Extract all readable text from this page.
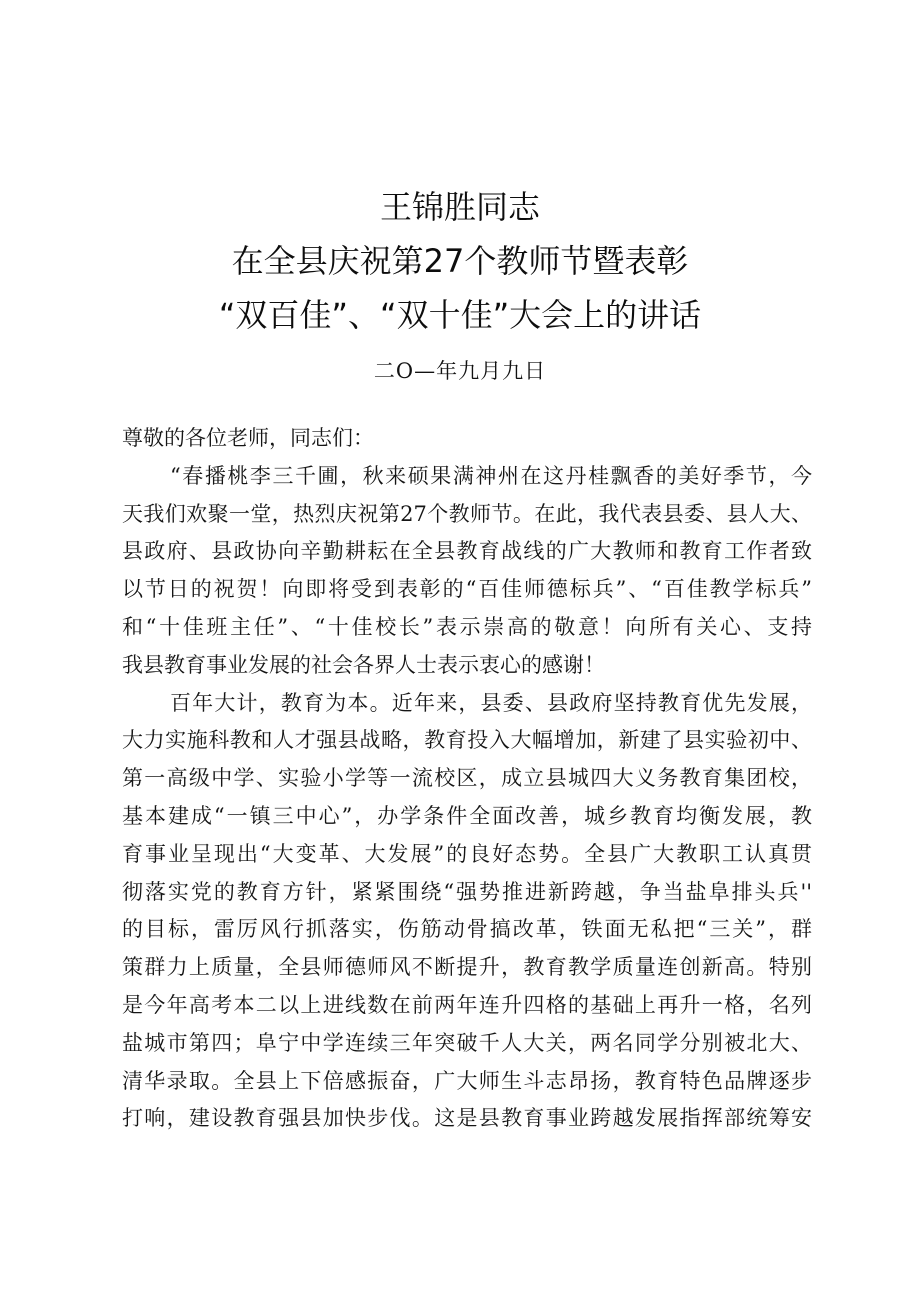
王锦胜同志
在全县庆祝第27个教师节暨表彰
“双百佳”、“双十佳”大会上的讲话
二O—年九月九日
尊敬的各位老师，同志们：
“春播桃李三千圃，秋来硕果满神州在这丹桂飘香的美好季节，今
天我们欢聚一堂，热烈庆祝第27个教师节。在此，我代表县委、县人大、
县政府、县政协向辛勤耕耘在全县教育战线的广大教师和教育工作者致
以节日的祝贺！向即将受到表彰的“百佳师德标兵”、“百佳教学标兵”
和“十佳班主任”、“十佳校长”表示崇高的敬意！向所有关心、支持
我县教育事业发展的社会各界人士表示衷心的感谢！
百年大计，教育为本。近年来，县委、县政府坚持教育优先发展，
大力实施科教和人才强县战略，教育投入大幅增加，新建了县实验初中、
第一高级中学、实验小学等一流校区，成立县城四大义务教育集团校，
基本建成“一镇三中心”，办学条件全面改善，城乡教育均衡发展，教
育事业呈现出“大变革、大发展”的良好态势。全县广大教职工认真贯
彻落实党的教育方针，紧紧围绕“强势推进新跨越，争当盐阜排头兵''
的目标，雷厉风行抓落实，伤筋动骨搞改革，铁面无私把“三关”，群
策群力上质量，全县师德师风不断提升，教育教学质量连创新高。特别
是今年高考本二以上进线数在前两年连升四格的基础上再升一格，名列
盐城市第四；阜宁中学连续三年突破千人大关，两名同学分别被北大、
清华录取。全县上下倍感振奋，广大师生斗志昂扬，教育特色品牌逐步
打响，建设教育强县加快步伐。这是县教育事业跨越发展指挥部统筹安
